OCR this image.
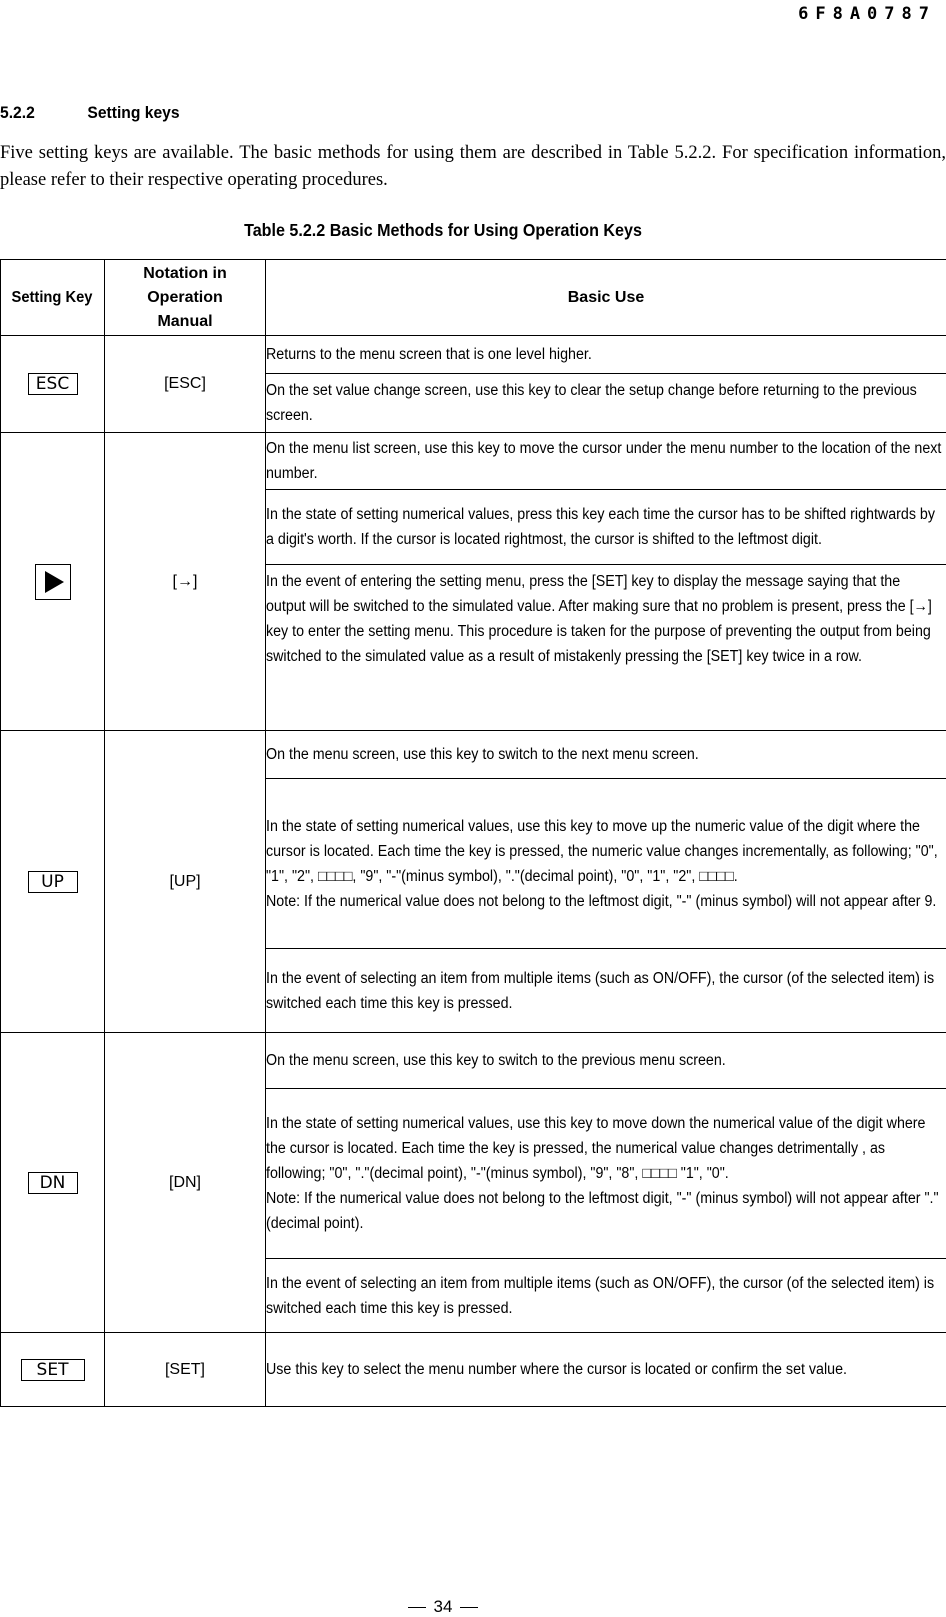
6F8A0787
5.2.2	Setting keys

Five setting keys are available. The basic methods for using them are described in Table 5.2.2. For specification information, please refer to their respective operating procedures.

Table 5.2.2 Basic Methods for Using Operation Keys
Setting Key	Notation in Operation Manual	Basic Use
ESC	[ESC]	Returns to the menu screen that is one level higher.
		On the set value change screen, use this key to clear the setup change before returning to the previous screen.

	[→]	On the menu list screen, use this key to move the cursor under the menu number to the location of the next number.
		In the state of setting numerical values, press this key each time the cursor has to be shifted rightwards by a digit's worth. If the cursor is located rightmost, the cursor is shifted to the leftmost digit.
		In the event of entering the setting menu, press the [SET] key to display the message saying that the output will be switched to the simulated value. After making sure that no problem is present, press the [→] key to enter the setting menu. This procedure is taken for the purpose of preventing the output from being switched to the simulated value as a result of mistakenly pressing the [SET] key twice in a row.
UP	[UP]	On the menu screen, use this key to switch to the next menu screen.
		In the state of setting numerical values, use this key to move up the numeric value of the digit where the cursor is located. Each time the key is pressed, the numeric value changes incrementally, as following; "0", "1", "2", □□□□, "9", "-"(minus symbol), "."(decimal point), "0", "1", "2", □□□□.
Note: If the numerical value does not belong to the leftmost digit, "-" (minus symbol) will not appear after 9.
		In the event of selecting an item from multiple items (such as ON/OFF), the cursor (of the selected item) is switched each time this key is pressed.
DN	[DN]	On the menu screen, use this key to switch to the previous menu screen.
		In the state of setting numerical values, use this key to move down the numerical value of the digit where the cursor is located. Each time the key is pressed, the numerical value changes detrimentally , as following; "0", "."(decimal point), "-"(minus symbol), "9", "8", □□□□ "1", "0".
Note: If the numerical value does not belong to the leftmost digit, "-" (minus symbol) will not appear after "."(decimal point).
		In the event of selecting an item from multiple items (such as ON/OFF), the cursor (of the selected item) is switched each time this key is pressed.
SET	[SET]	Use this key to select the menu number where the cursor is located or confirm the set value.
34
